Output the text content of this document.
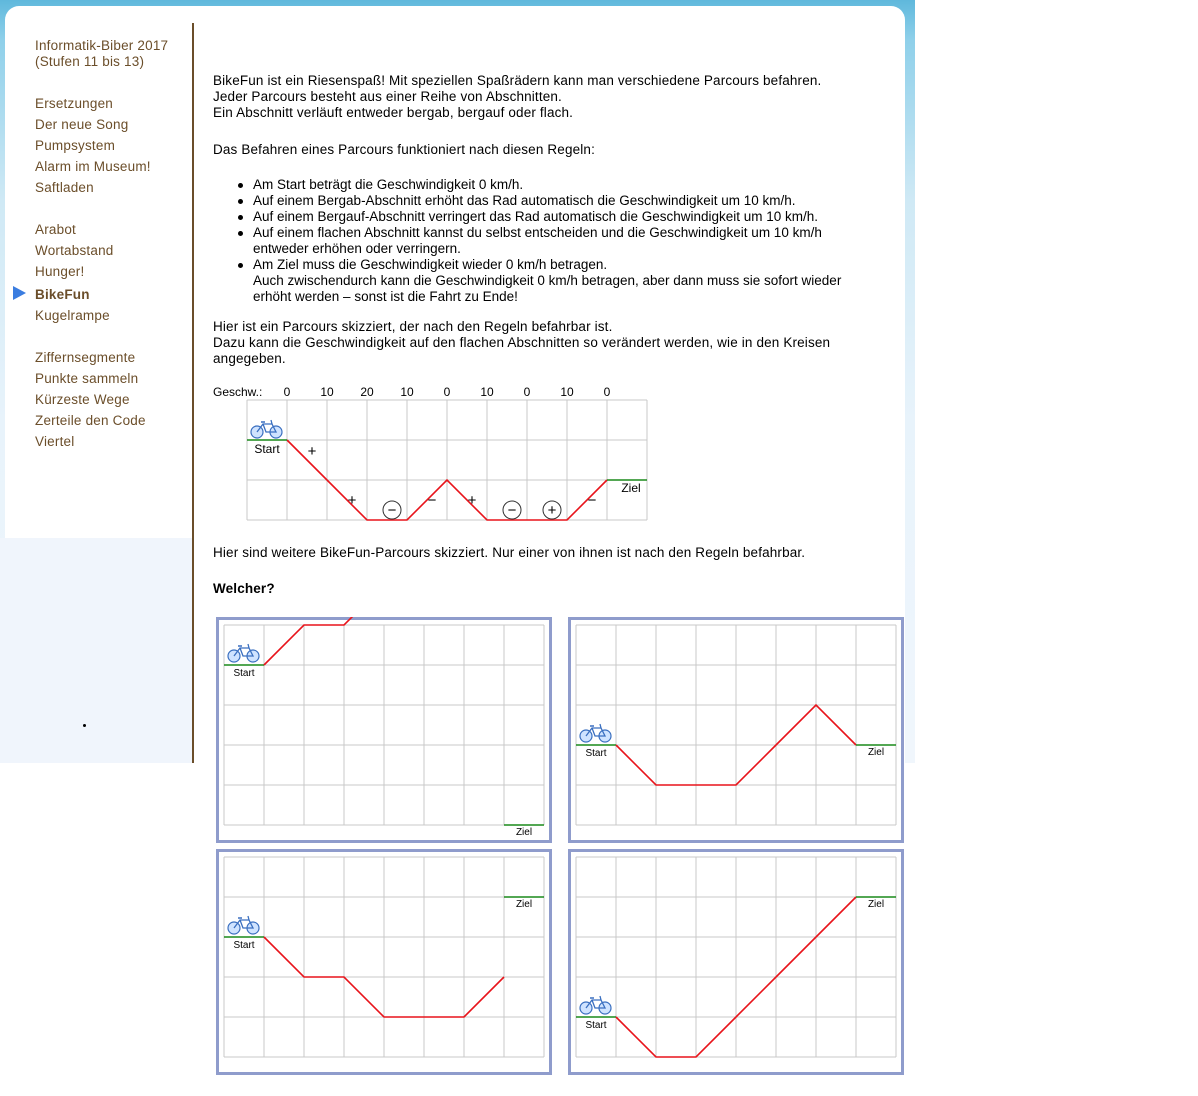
Informatik-Biber 2017
(Stufen 11 bis 13)
Ersetzungen
Der neue Song
Pumpsystem
Alarm im Museum!
Saftladen
Arabot
Wortabstand
Hunger!
BikeFun
Kugelrampe
Ziffernsegmente
Punkte sammeln
Kürzeste Wege
Zerteile den Code
Viertel
BikeFun ist ein Riesenspaß! Mit speziellen Spaßrädern kann man verschiedene Parcours befahren.
Jeder Parcours besteht aus einer Reihe von Abschnitten.
Ein Abschnitt verläuft entweder bergab, bergauf oder flach.
Das Befahren eines Parcours funktioniert nach diesen Regeln:
Am Start beträgt die Geschwindigkeit 0 km/h.
Auf einem Bergab-Abschnitt erhöht das Rad automatisch die Geschwindigkeit um 10 km/h.
Auf einem Bergauf-Abschnitt verringert das Rad automatisch die Geschwindigkeit um 10 km/h.
Auf einem flachen Abschnitt kannst du selbst entscheiden und die Geschwindigkeit um 10 km/h
entweder erhöhen oder verringern.
Am Ziel muss die Geschwindigkeit wieder 0 km/h betragen.
Auch zwischendurch kann die Geschwindigkeit 0 km/h betragen, aber dann muss sie sofort wieder
erhöht werden – sonst ist die Fahrt zu Ende!
Hier ist ein Parcours skizziert, der nach den Regeln befahrbar ist.
Dazu kann die Geschwindigkeit auf den flachen Abschnitten so verändert werden, wie in den Kreisen
angegeben.
Geschw.: 0 10 20 10 0 10 0 10 0
Start
Ziel
+
+
−
− +
− +
−
Hier sind weitere BikeFun-Parcours skizziert. Nur einer von ihnen ist nach den Regeln befahrbar.
Welcher?
Start
Ziel
Start	Ziel
Start
Ziel
Start
Ziel
